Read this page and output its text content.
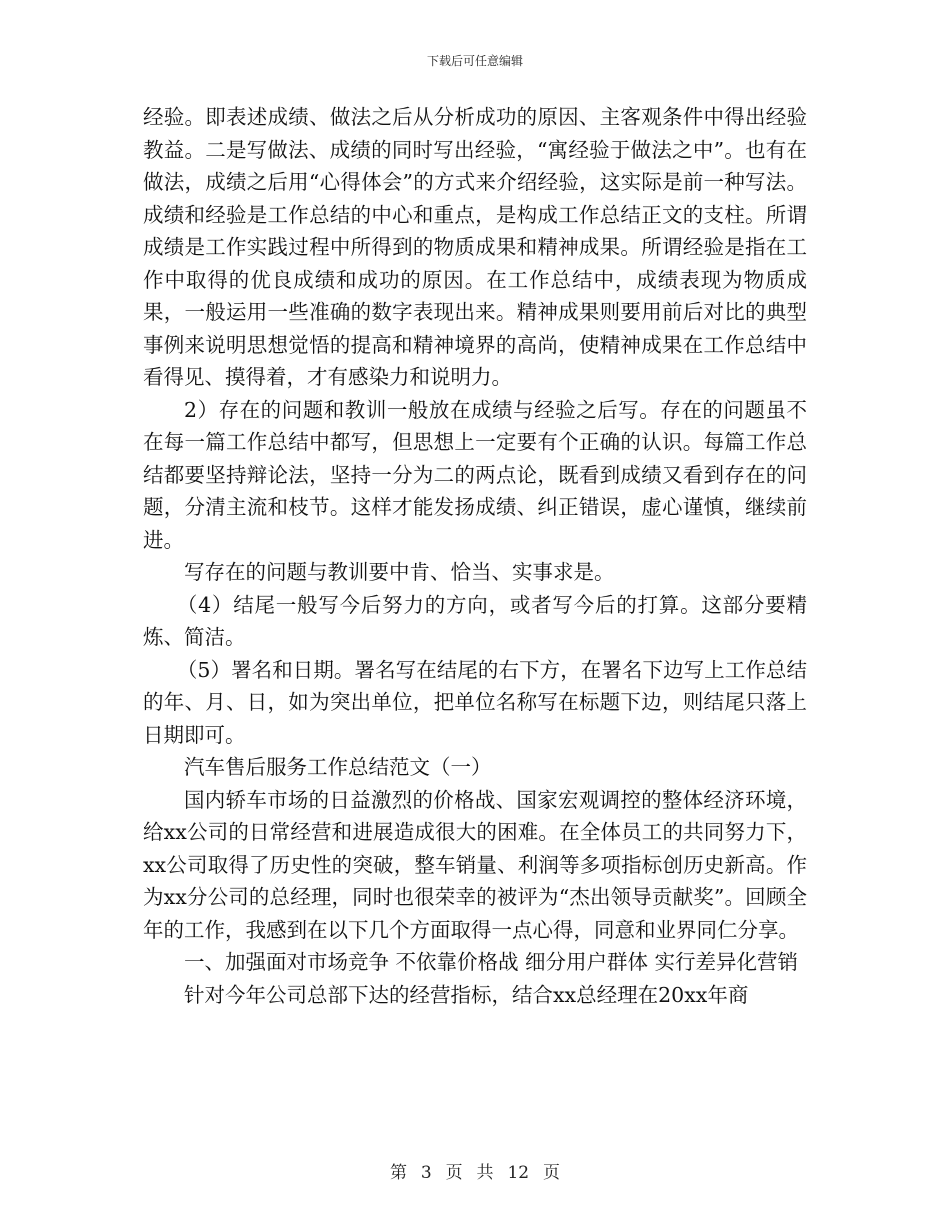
下载后可任意编辑

经验。即表述成绩、做法之后从分析成功的原因、主客观条件中得出经验教益。二是写做法、成绩的同时写出经验，“寓经验于做法之中”。也有在做法，成绩之后用“心得体会”的方式来介绍经验，这实际是前一种写法。成绩和经验是工作总结的中心和重点，是构成工作总结正文的支柱。所谓成绩是工作实践过程中所得到的物质成果和精神成果。所谓经验是指在工作中取得的优良成绩和成功的原因。在工作总结中，成绩表现为物质成果，一般运用一些准确的数字表现出来。精神成果则要用前后对比的典型事例来说明思想觉悟的提高和精神境界的高尚，使精神成果在工作总结中看得见、摸得着，才有感染力和说明力。

2）存在的问题和教训一般放在成绩与经验之后写。存在的问题虽不在每一篇工作总结中都写，但思想上一定要有个正确的认识。每篇工作总结都要坚持辩论法，坚持一分为二的两点论，既看到成绩又看到存在的问题，分清主流和枝节。这样才能发扬成绩、纠正错误，虚心谨慎，继续前进。

写存在的问题与教训要中肯、恰当、实事求是。

（4）结尾一般写今后努力的方向，或者写今后的打算。这部分要精炼、简洁。

（5）署名和日期。署名写在结尾的右下方，在署名下边写上工作总结的年、月、日，如为突出单位，把单位名称写在标题下边，则结尾只落上日期即可。

汽车售后服务工作总结范文（一）

国内轿车市场的日益激烈的价格战、国家宏观调控的整体经济环境，给xx公司的日常经营和进展造成很大的困难。在全体员工的共同努力下，xx公司取得了历史性的突破，整车销量、利润等多项指标创历史新高。作为xx分公司的总经理，同时也很荣幸的被评为“杰出领导贡献奖”。回顾全年的工作，我感到在以下几个方面取得一点心得，同意和业界同仁分享。

一、加强面对市场竞争 不依靠价格战 细分用户群体 实行差异化营销

针对今年公司总部下达的经营指标，结合xx总经理在20xx年商

第 3 页 共 12 页
